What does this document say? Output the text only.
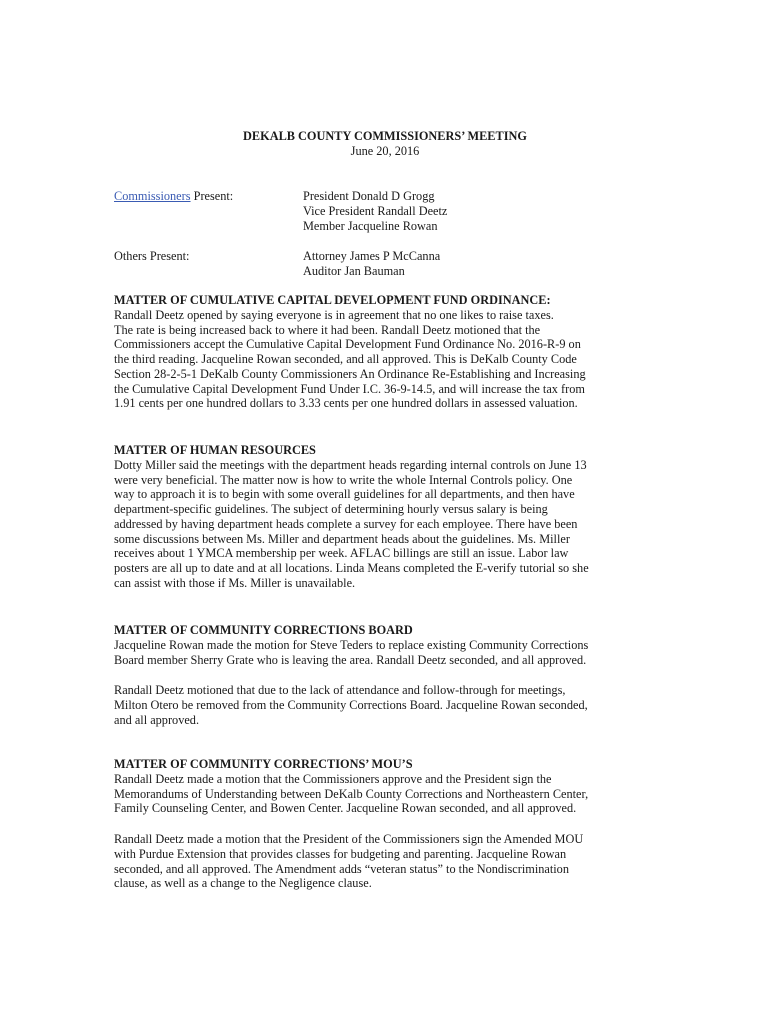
DEKALB COUNTY COMMISSIONERS’ MEETING
June 20, 2016
Commissioners Present:	President Donald D Grogg
Vice President Randall Deetz
Member Jacqueline Rowan
Others Present:	Attorney James P McCanna
Auditor Jan Bauman
MATTER OF CUMULATIVE CAPITAL DEVELOPMENT FUND ORDINANCE:
Randall Deetz opened by saying everyone is in agreement that no one likes to raise taxes.
The rate is being increased back to where it had been. Randall Deetz motioned that the
Commissioners accept the Cumulative Capital Development Fund Ordinance No. 2016-R-9 on
the third reading. Jacqueline Rowan seconded, and all approved. This is DeKalb County Code
Section 28-2-5-1 DeKalb County Commissioners An Ordinance Re-Establishing and Increasing
the Cumulative Capital Development Fund Under I.C. 36-9-14.5, and will increase the tax from
1.91 cents per one hundred dollars to 3.33 cents per one hundred dollars in assessed valuation.
MATTER OF HUMAN RESOURCES
Dotty Miller said the meetings with the department heads regarding internal controls on June 13
were very beneficial. The matter now is how to write the whole Internal Controls policy. One
way to approach it is to begin with some overall guidelines for all departments, and then have
department-specific guidelines. The subject of determining hourly versus salary is being
addressed by having department heads complete a survey for each employee. There have been
some discussions between Ms. Miller and department heads about the guidelines. Ms. Miller
receives about 1 YMCA membership per week. AFLAC billings are still an issue. Labor law
posters are all up to date and at all locations. Linda Means completed the E-verify tutorial so she
can assist with those if Ms. Miller is unavailable.
MATTER OF COMMUNITY CORRECTIONS BOARD
Jacqueline Rowan made the motion for Steve Teders to replace existing Community Corrections
Board member Sherry Grate who is leaving the area. Randall Deetz seconded, and all approved.
Randall Deetz motioned that due to the lack of attendance and follow-through for meetings,
Milton Otero be removed from the Community Corrections Board. Jacqueline Rowan seconded,
and all approved.
MATTER OF COMMUNITY CORRECTIONS’ MOU’S
Randall Deetz made a motion that the Commissioners approve and the President sign the
Memorandums of Understanding between DeKalb County Corrections and Northeastern Center,
Family Counseling Center, and Bowen Center. Jacqueline Rowan seconded, and all approved.
Randall Deetz made a motion that the President of the Commissioners sign the Amended MOU
with Purdue Extension that provides classes for budgeting and parenting. Jacqueline Rowan
seconded, and all approved. The Amendment adds “veteran status” to the Nondiscrimination
clause, as well as a change to the Negligence clause.
